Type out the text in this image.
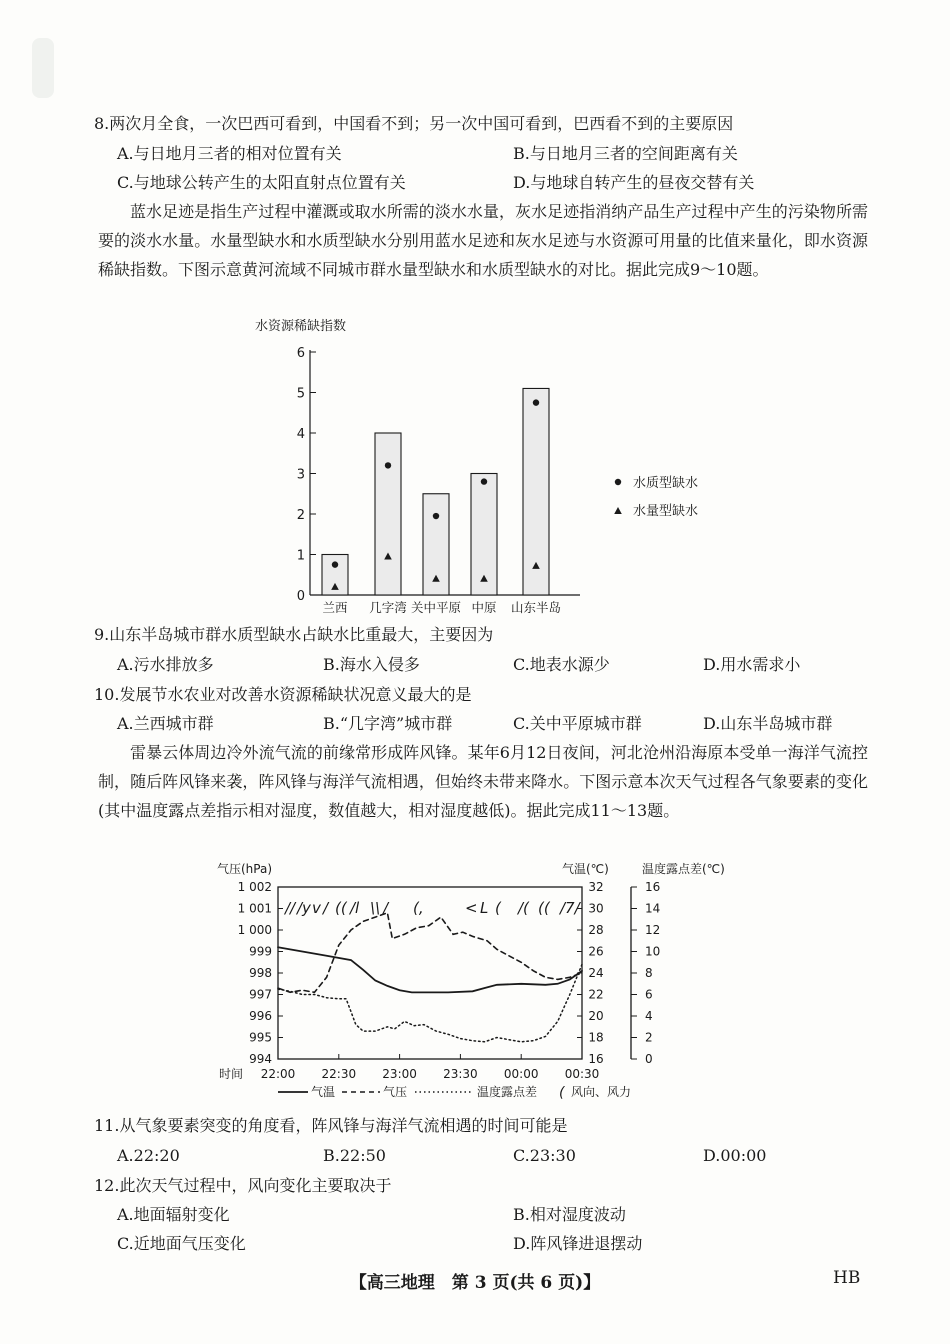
8.两次月全食，一次巴西可看到，中国看不到；另一次中国可看到，巴西看不到的主要原因
A.与日地月三者的相对位置有关	B.与日地月三者的空间距离有关
C.与地球公转产生的太阳直射点位置有关	D.与地球自转产生的昼夜交替有关
蓝水足迹是指生产过程中灌溉或取水所需的淡水水量，灰水足迹指消纳产品生产过程中产生的污染物所需要的淡水水量。水量型缺水和水质型缺水分别用蓝水足迹和灰水足迹与水资源可用量的比值来量化，即水资源稀缺指数。下图示意黄河流域不同城市群水量型缺水和水质型缺水的对比。据此完成9～10题。
水资源稀缺指数
0
1
2
3
4
5
6
兰西 几字湾 关中平原 中原 山东半岛
水质型缺水
水量型缺水
9.山东半岛城市群水质型缺水占缺水比重最大，主要因为
A.污水排放多	B.海水入侵多	C.地表水源少	D.用水需求小
10.发展节水农业对改善水资源稀缺状况意义最大的是
A.兰西城市群	B.“几字湾”城市群	C.关中平原城市群	D.山东半岛城市群
雷暴云体周边冷外流气流的前缘常形成阵风锋。某年6月12日夜间，河北沧州沿海原本受单一海洋气流控制，随后阵风锋来袭，阵风锋与海洋气流相遇，但始终未带来降水。下图示意本次天气过程各气象要素的变化(其中温度露点差指示相对湿度，数值越大，相对湿度越低)。据此完成11～13题。
气压(hPa)
1 002
1 001
1 000
999
998
997
996
995
994
气温(℃)
32
30
28
26
24
22
20
18
16
温度露点差(℃)
16
14
12
10
8
6
4
2
0
22:00 22:30 23:00 23:30 00:00 00:30
时间
// /y v / (( /l \\ / (,	< L ( /( (( /7/
气温	气压	温度露点差 ( 风向、风力
11.从气象要素突变的角度看，阵风锋与海洋气流相遇的时间可能是
A.22:20	B.22:50	C.23:30	D.00:00
12.此次天气过程中，风向变化主要取决于
A.地面辐射变化	B.相对湿度波动
C.近地面气压变化	D.阵风锋进退摆动
【高三地理　第 3 页(共 6 页)】	HB
